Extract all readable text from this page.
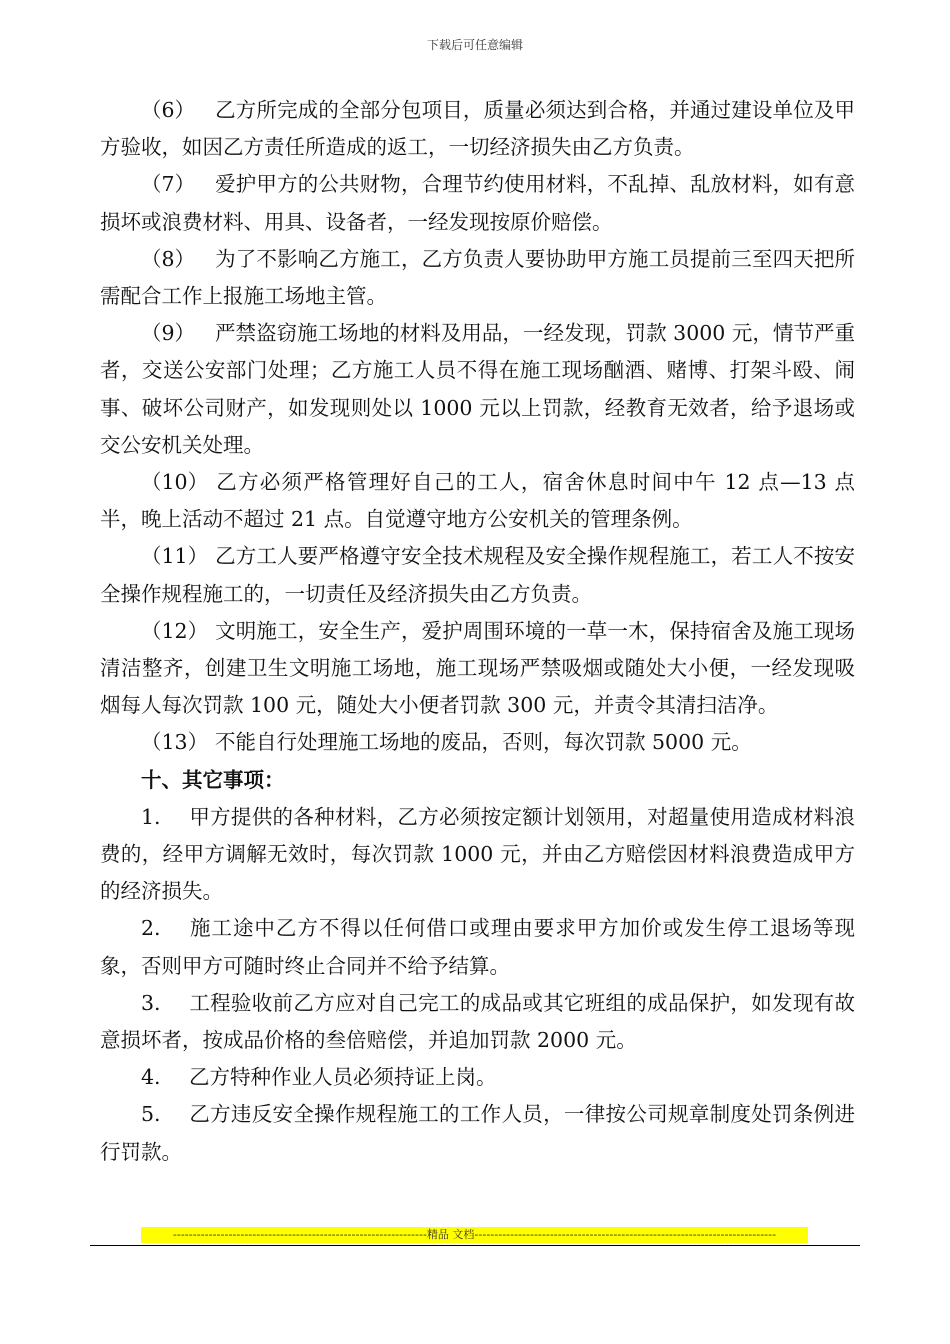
下载后可任意编辑

（6） 乙方所完成的全部分包项目，质量必须达到合格，并通过建设单位及甲方验收，如因乙方责任所造成的返工，一切经济损失由乙方负责。

（7） 爱护甲方的公共财物，合理节约使用材料，不乱掉、乱放材料，如有意损坏或浪费材料、用具、设备者，一经发现按原价赔偿。

（8） 为了不影响乙方施工，乙方负责人要协助甲方施工员提前三至四天把所需配合工作上报施工场地主管。

（9） 严禁盗窃施工场地的材料及用品，一经发现，罚款 3000 元，情节严重者，交送公安部门处理；乙方施工人员不得在施工现场酗酒、赌博、打架斗殴、闹事、破坏公司财产，如发现则处以 1000 元以上罚款，经教育无效者，给予退场或交公安机关处理。

（10） 乙方必须严格管理好自己的工人，宿舍休息时间中午 12 点—13 点半，晚上活动不超过 21 点。自觉遵守地方公安机关的管理条例。

（11） 乙方工人要严格遵守安全技术规程及安全操作规程施工，若工人不按安全操作规程施工的，一切责任及经济损失由乙方负责。

（12） 文明施工，安全生产，爱护周围环境的一草一木，保持宿舍及施工现场清洁整齐，创建卫生文明施工场地，施工现场严禁吸烟或随处大小便，一经发现吸烟每人每次罚款 100 元，随处大小便者罚款 300 元，并责令其清扫洁净。

（13） 不能自行处理施工场地的废品，否则，每次罚款 5000 元。

十、其它事项：

1. 甲方提供的各种材料，乙方必须按定额计划领用，对超量使用造成材料浪费的，经甲方调解无效时，每次罚款 1000 元，并由乙方赔偿因材料浪费造成甲方的经济损失。

2. 施工途中乙方不得以任何借口或理由要求甲方加价或发生停工退场等现象，否则甲方可随时终止合同并不给予结算。

3. 工程验收前乙方应对自己完工的成品或其它班组的成品保护，如发现有故意损坏者，按成品价格的叁倍赔偿，并追加罚款 2000 元。

4. 乙方特种作业人员必须持证上岗。

5. 乙方违反安全操作规程施工的工作人员，一律按公司规章制度处罚条例进行罚款。

----------------------------------------------------------------精品 文档----------------------------------------------------------------------------
